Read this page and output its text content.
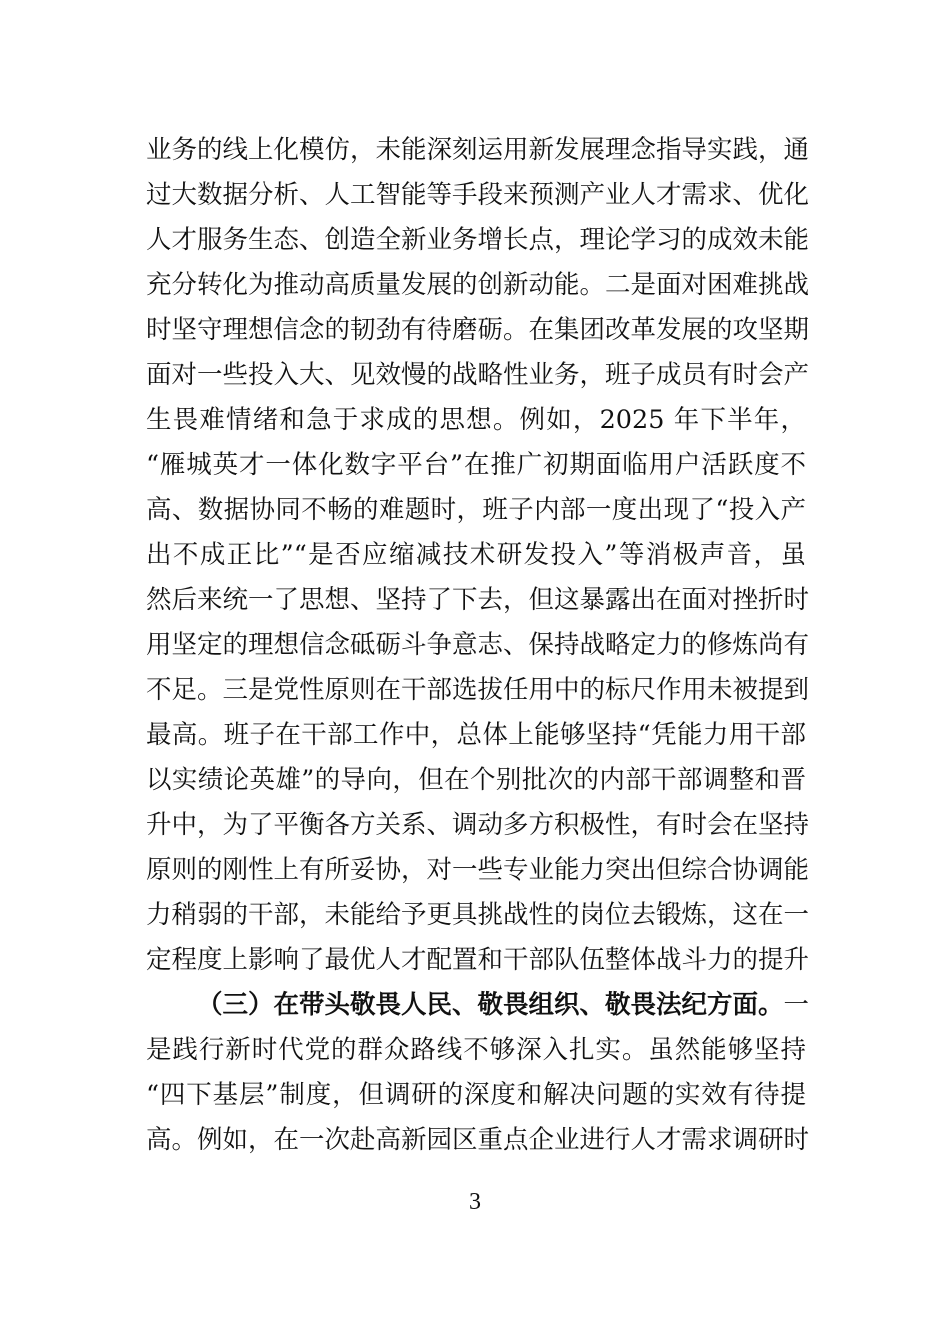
业务的线上化模仿，未能深刻运用新发展理念指导实践，通
过大数据分析、人工智能等手段来预测产业人才需求、优化
人才服务生态、创造全新业务增长点，理论学习的成效未能
充分转化为推动高质量发展的创新动能。二是面对困难挑战
时坚守理想信念的韧劲有待磨砺。在集团改革发展的攻坚期
面对一些投入大、见效慢的战略性业务，班子成员有时会产
生畏难情绪和急于求成的思想。例如，2025 年下半年，
“雁城英才一体化数字平台”在推广初期面临用户活跃度不
高、数据协同不畅的难题时，班子内部一度出现了“投入产
出不成正比”“是否应缩减技术研发投入”等消极声音，虽
然后来统一了思想、坚持了下去，但这暴露出在面对挫折时
用坚定的理想信念砥砺斗争意志、保持战略定力的修炼尚有
不足。三是党性原则在干部选拔任用中的标尺作用未被提到
最高。班子在干部工作中，总体上能够坚持“凭能力用干部
以实绩论英雄”的导向，但在个别批次的内部干部调整和晋
升中，为了平衡各方关系、调动多方积极性，有时会在坚持
原则的刚性上有所妥协，对一些专业能力突出但综合协调能
力稍弱的干部，未能给予更具挑战性的岗位去锻炼，这在一
定程度上影响了最优人才配置和干部队伍整体战斗力的提升
（三）在带头敬畏人民、敬畏组织、敬畏法纪方面。 一
是践行新时代党的群众路线不够深入扎实。虽然能够坚持
“四下基层”制度，但调研的深度和解决问题的实效有待提
高。例如，在一次赴高新园区重点企业进行人才需求调研时
3
